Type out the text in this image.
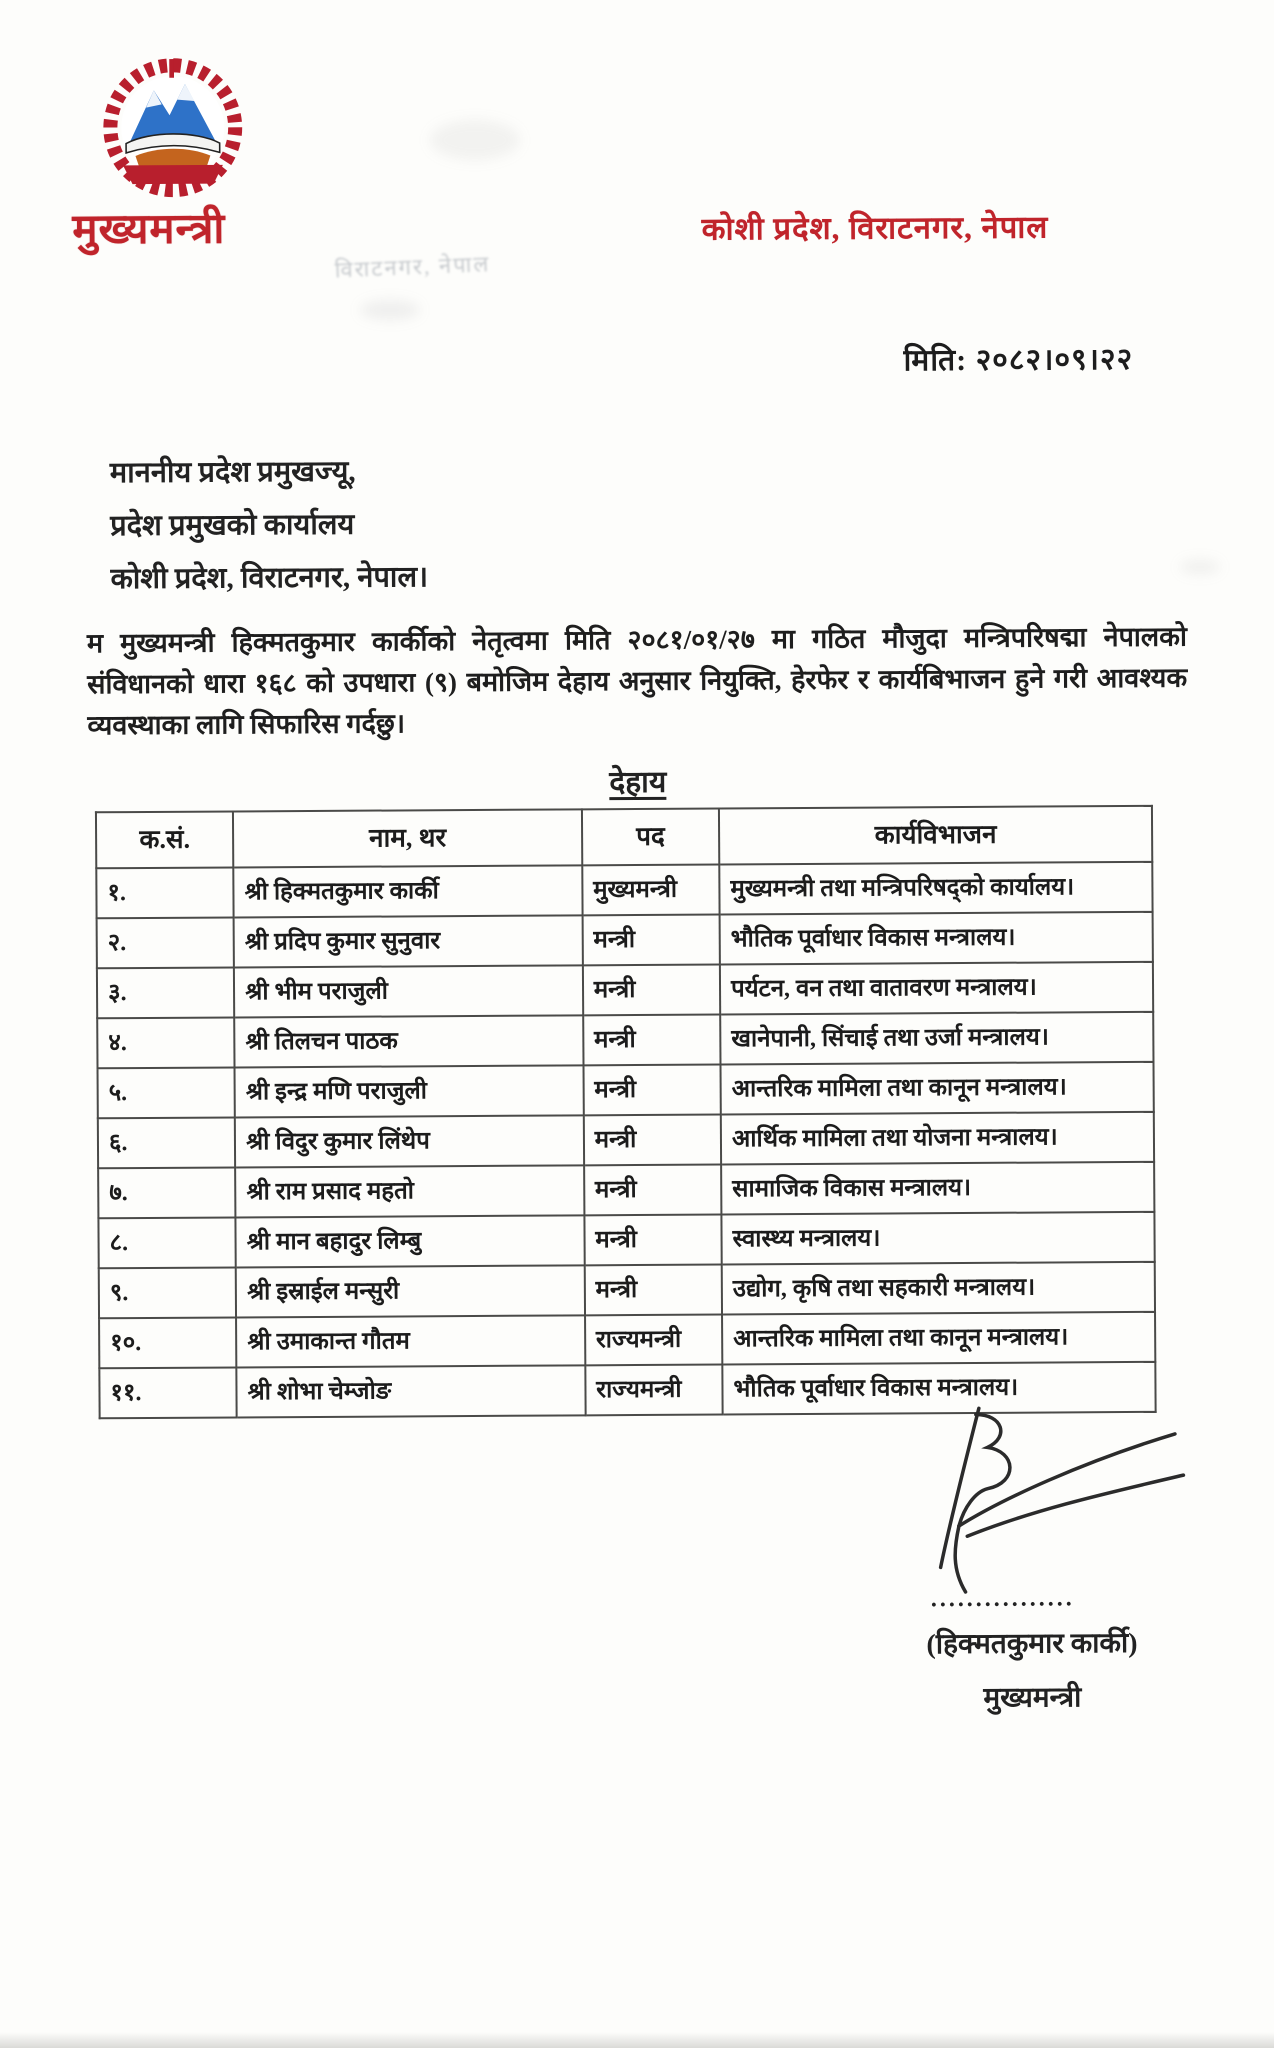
मुख्यमन्त्री
विराटनगर, नेपाल
कोशी प्रदेश, विराटनगर, नेपाल
मिति: २०८२।०९।२२
माननीय प्रदेश प्रमुखज्यू,
प्रदेश प्रमुखको कार्यालय
कोशी प्रदेश, विराटनगर, नेपाल।
म मुख्यमन्त्री हिक्मतकुमार कार्कीको नेतृत्वमा मिति २०८१/०१/२७ मा गठित मौजुदा मन्त्रिपरिषद्मा नेपालको संविधानको धारा १६८ को उपधारा (९) बमोजिम देहाय अनुसार नियुक्ति, हेरफेर र कार्यबिभाजन हुने गरी आवश्यक व्यवस्थाका लागि सिफारिस गर्दछु।
देहाय
क.सं.	नाम, थर	पद	कार्यविभाजन
१.	श्री हिक्मतकुमार कार्की	मुख्यमन्त्री	मुख्यमन्त्री तथा मन्त्रिपरिषद्को कार्यालय।
२.	श्री प्रदिप कुमार सुनुवार	मन्त्री	भौतिक पूर्वाधार विकास मन्त्रालय।
३.	श्री भीम पराजुली	मन्त्री	पर्यटन, वन तथा वातावरण मन्त्रालय।
४.	श्री तिलचन पाठक	मन्त्री	खानेपानी, सिंचाई तथा उर्जा मन्त्रालय।
५.	श्री इन्द्र मणि पराजुली	मन्त्री	आन्तरिक मामिला तथा कानून मन्त्रालय।
६.	श्री विदुर कुमार लिंथेप	मन्त्री	आर्थिक मामिला तथा योजना मन्त्रालय।
७.	श्री राम प्रसाद महतो	मन्त्री	सामाजिक विकास मन्त्रालय।
८.	श्री मान बहादुर लिम्बु	मन्त्री	स्वास्थ्य मन्त्रालय।
९.	श्री इस्राईल मन्सुरी	मन्त्री	उद्योग, कृषि तथा सहकारी मन्त्रालय।
१०.	श्री उमाकान्त गौतम	राज्यमन्त्री	आन्तरिक मामिला तथा कानून मन्त्रालय।
११.	श्री शोभा चेम्जोङ	राज्यमन्त्री	भौतिक पूर्वाधार विकास मन्त्रालय।
................
(हिक्मतकुमार कार्की)
मुख्यमन्त्री
